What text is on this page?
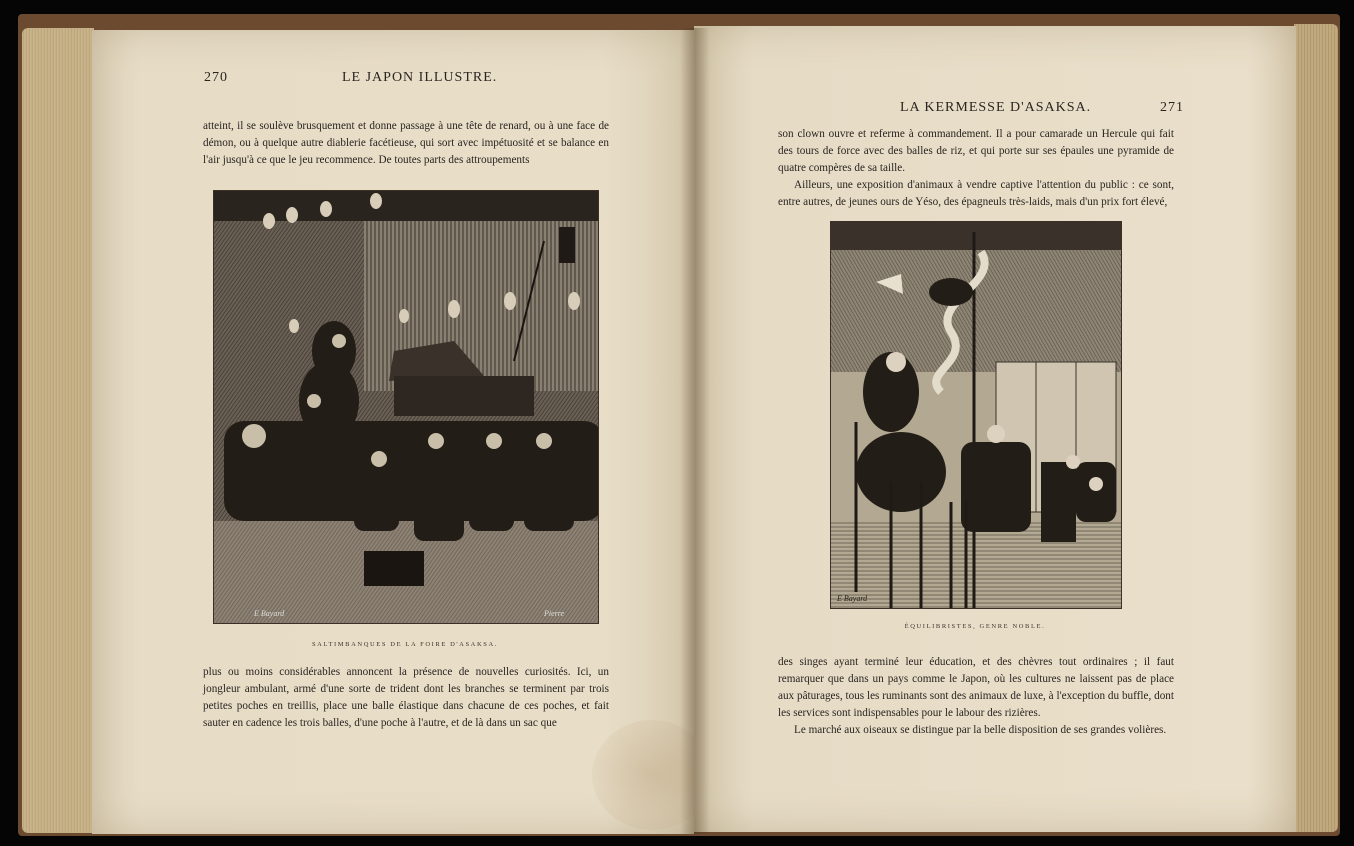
270	LE JAPON ILLUSTRE.

atteint, il se soulève brusquement et donne passage à une tête de renard, ou à une face de démon, ou à quelque autre diablerie facétieuse, qui sort avec impétuosité et se balance en l'air jusqu'à ce que le jeu recommence. De toutes parts des attroupements

E Bayard	Pierre
SALTIMBANQUES DE LA FOIRE D'ASAKSA.

plus ou moins considérables annoncent la présence de nouvelles curiosités. Ici, un jongleur ambulant, armé d'une sorte de trident dont les branches se terminent par trois petites poches en treillis, place une balle élastique dans chacune de ces poches, et fait sauter en cadence les trois balles, d'une poche à l'autre, et de là dans un sac que

LA KERMESSE D'ASAKSA.	271

son clown ouvre et referme à commandement. Il a pour camarade un Hercule qui fait des tours de force avec des balles de riz, et qui porte sur ses épaules une pyramide de quatre compères de sa taille.

Ailleurs, une exposition d'animaux à vendre captive l'attention du public : ce sont, entre autres, de jeunes ours de Yéso, des épagneuls très-laids, mais d'un prix fort élevé,

E Bayard
ÉQUILIBRISTES, GENRE NOBLE.

des singes ayant terminé leur éducation, et des chèvres tout ordinaires ; il faut remarquer que dans un pays comme le Japon, où les cultures ne laissent pas de place aux pâturages, tous les ruminants sont des animaux de luxe, à l'exception du buffle, dont les services sont indispensables pour le labour des rizières.

Le marché aux oiseaux se distingue par la belle disposition de ses grandes volières.
